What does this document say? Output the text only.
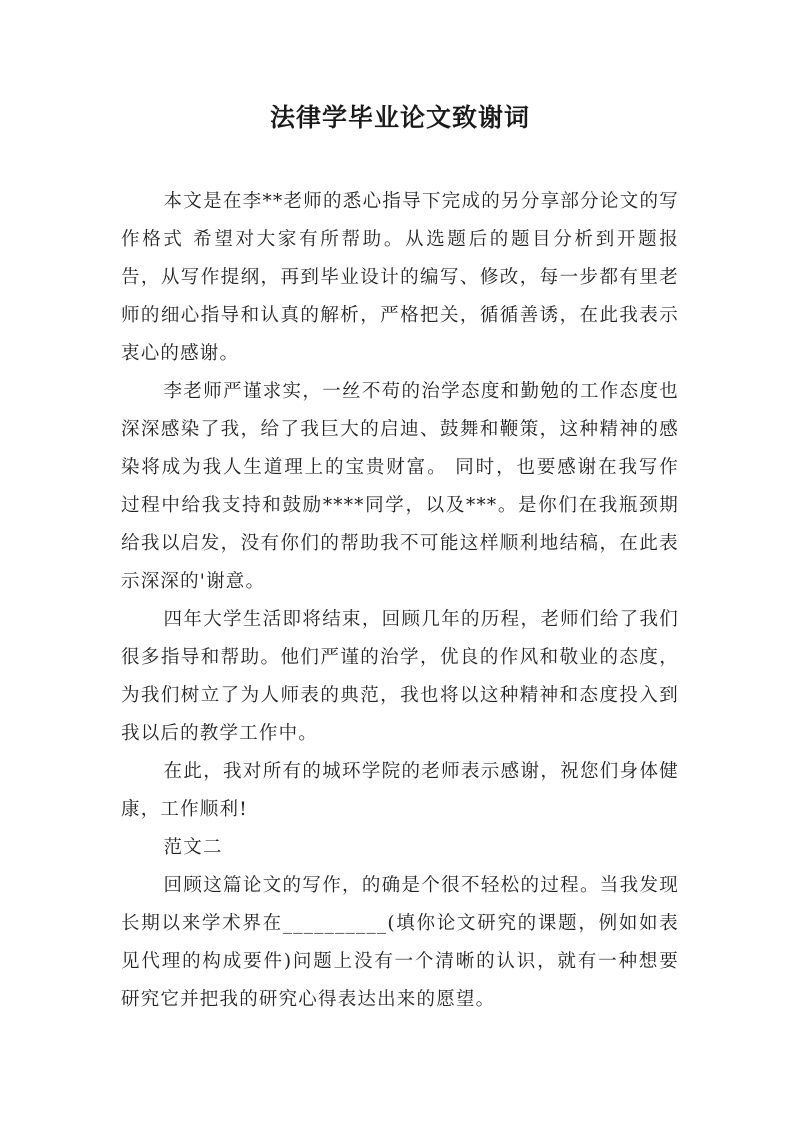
法律学毕业论文致谢词

本文是在李**老师的悉心指导下完成的另分享部分论文的写作格式 希望对大家有所帮助。从选题后的题目分析到开题报告，从写作提纲，再到毕业设计的编写、修改，每一步都有里老师的细心指导和认真的解析，严格把关，循循善诱，在此我表示衷心的感谢。

李老师严谨求实，一丝不苟的治学态度和勤勉的工作态度也深深感染了我，给了我巨大的启迪、鼓舞和鞭策，这种精神的感染将成为我人生道理上的宝贵财富。 同时，也要感谢在我写作过程中给我支持和鼓励****同学，以及***。是你们在我瓶颈期给我以启发，没有你们的帮助我不可能这样顺利地结稿，在此表示深深的'谢意。

四年大学生活即将结束，回顾几年的历程，老师们给了我们很多指导和帮助。他们严谨的治学，优良的作风和敬业的态度，为我们树立了为人师表的典范，我也将以这种精神和态度投入到我以后的教学工作中。

在此，我对所有的城环学院的老师表示感谢，祝您们身体健康，工作顺利!

范文二

回顾这篇论文的写作，的确是个很不轻松的过程。当我发现长期以来学术界在__________(填你论文研究的课题，例如如表见代理的构成要件)问题上没有一个清晰的认识，就有一种想要研究它并把我的研究心得表达出来的愿望。
